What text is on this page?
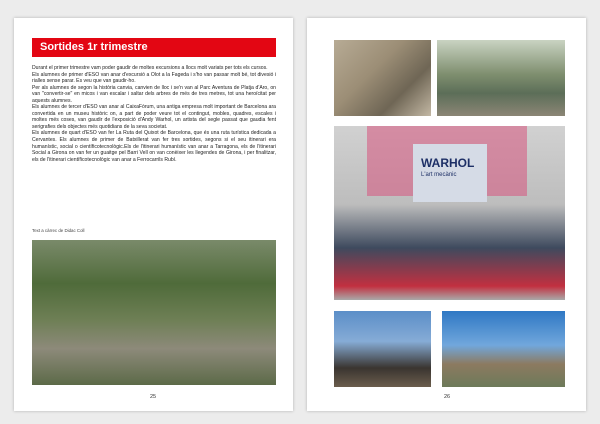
Sortides 1r trimestre

Durant el primer trimestre vam poder gaudir de moltes excursions a llocs molt variats per tots els cursos.

Els alumnes de primer d'ESO van anar d'excursió a Olot a la Fageda i s'ho van passar molt bé, tot divesió i rialles sense parar. Es veu que van gaudir-ho.

Per als alumnes de segon la història canvia, canvien de lloc i se'n van al Parc Aventura de Platja d'Aro, on van "convertir-se" en micos i van escalar i saltar dels arbres de més de tres metres, tot una heroïcitat per aquests alumnes.

Els alumnes de tercer d'ESO van anar al CaixaFòrum, una antiga empresa molt important de Barcelona ara convertida en un museu històric on, a part de poder veure tot el contingut, mobles, quadres, escales i moltes més coses, van gaudir de l'exposició d'Andy Warhol, un artista del segle passat que gaudia fent serigrafies dels objectes més quotidians de la seva societat.

Els alumnes de quart d'ESO van fer La Ruta del Quixot de Barcelona, que és una ruta turística dedicada a Cervantes. Els alumnes de primer de Batxillerat van fer tres sortides, segons si el seu itinerari era humanístic, social o científicotecnològic.Els de l'itinerari humanístic van anar a Tarragona, els de l'itinerari Social a Girona on van fer un guaitge pel Barri Vell on van conèixer les llegendes de Girona, i per finalitzar, els de l'itinerari científicotecnològic van anar a Ferrocarrils Rubí.

Text a càrrec de Didac Coll
25
WARHOL
L'art mecànic
26
